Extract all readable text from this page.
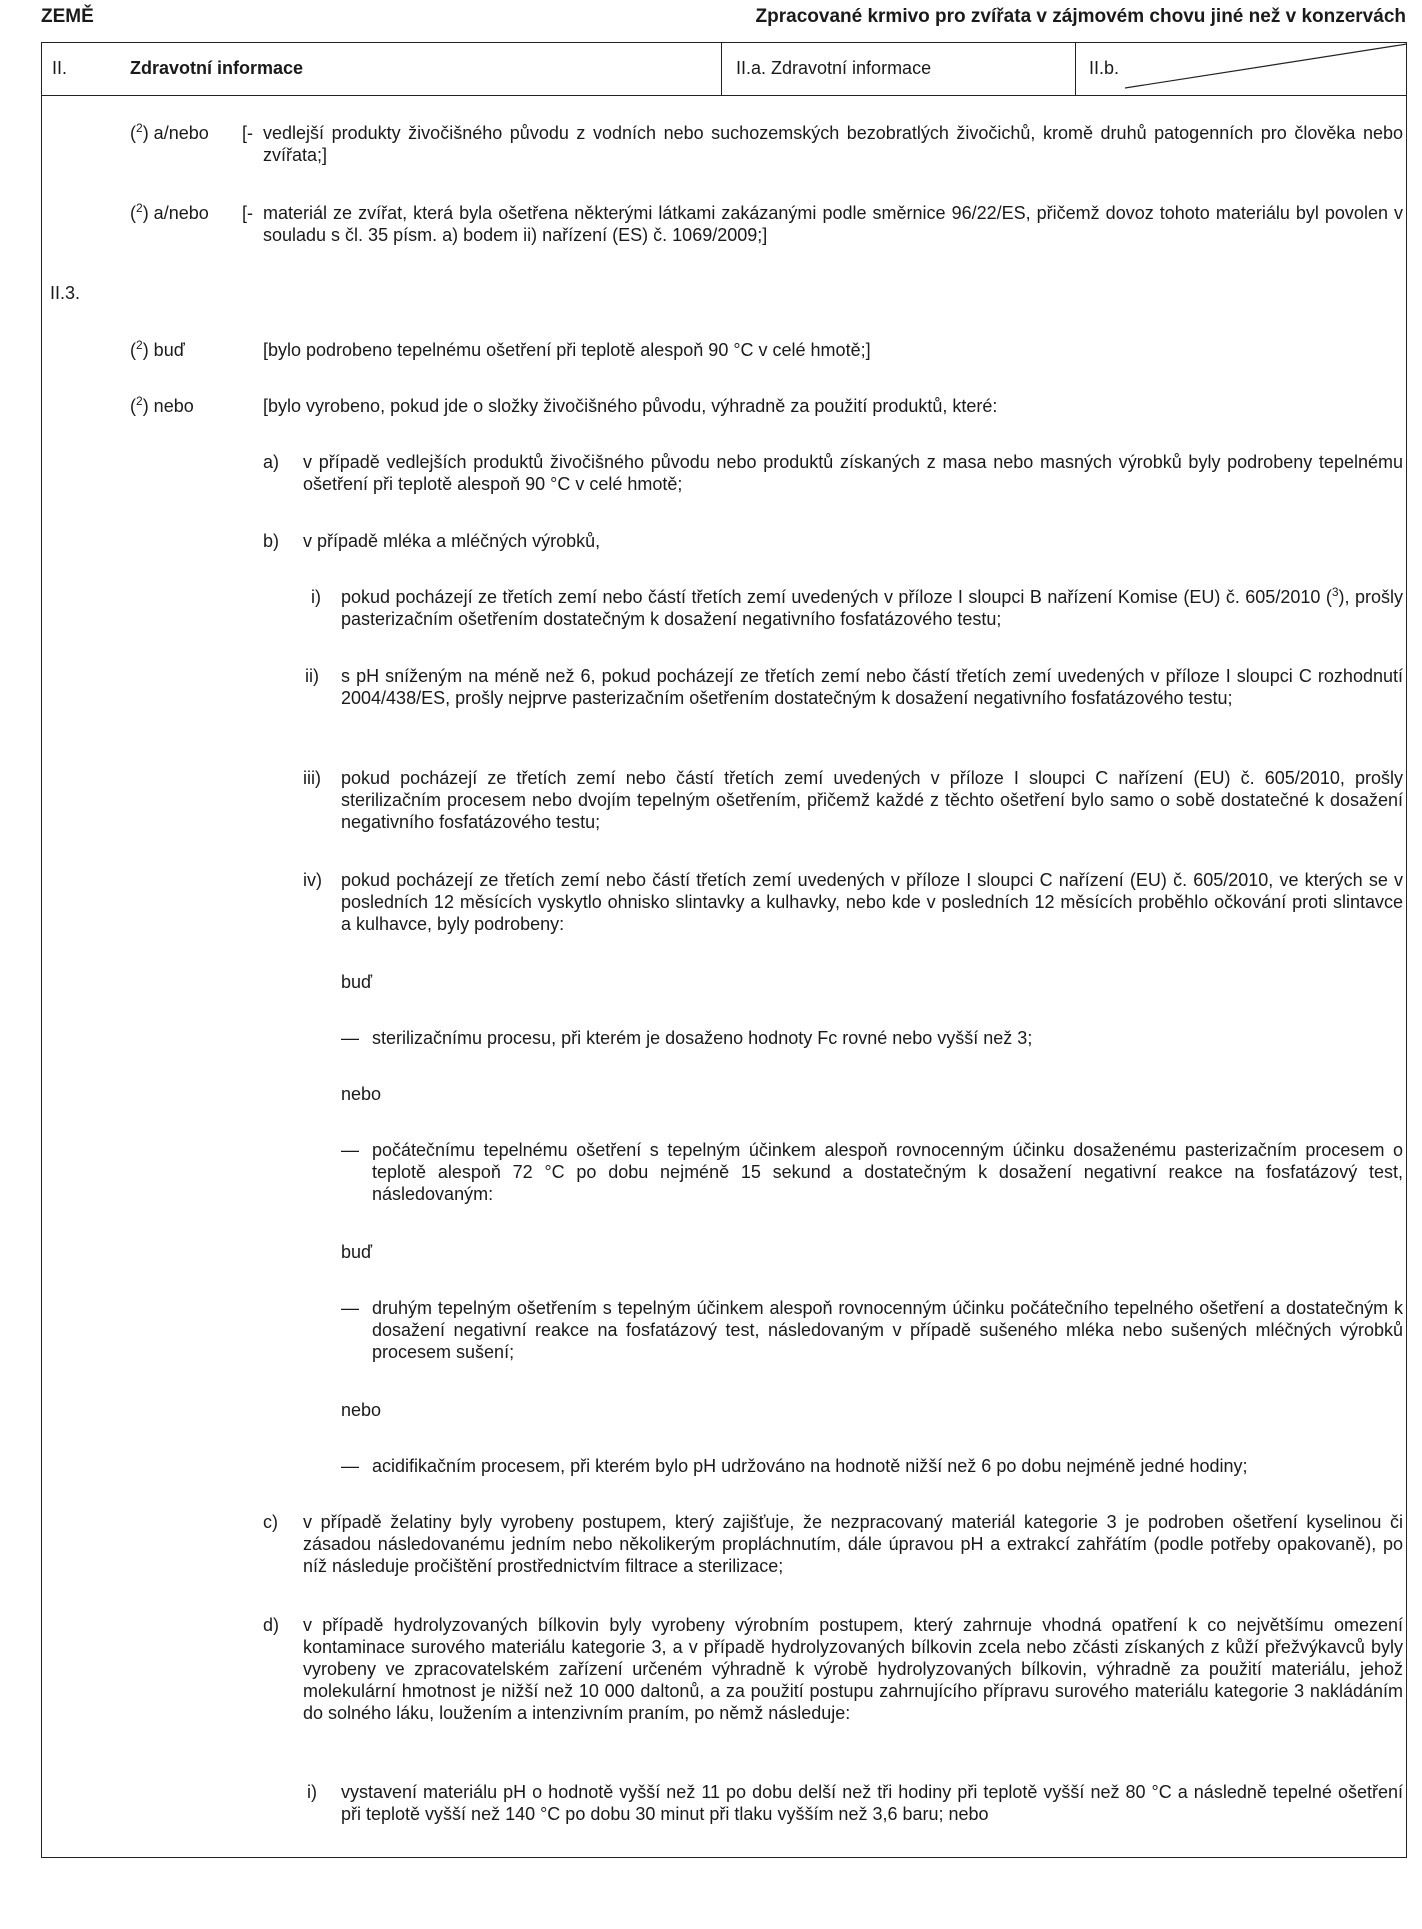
ZEMĚ	Zpracované krmivo pro zvířata v zájmovém chovu jiné než v konzervách
II.	Zdravotní informace	II.a. Zdravotní informace	II.b.
II.3.
($^2$) a/nebo [- vedlejší produkty živočišného původu z vodních nebo suchozemských bezobratlých živočichů, kromě druhů patogenních pro člověka nebo zvířata;]
($^2$) a/nebo [- materiál ze zvířat, která byla ošetřena některými látkami zakázanými podle směrnice 96/22/ES, přičemž dovoz tohoto materiálu byl povolen v souladu s čl. 35 písm. a) bodem ii) nařízení (ES) č. 1069/2009;]
($^2$) buď	[bylo podrobeno tepelnému ošetření při teplotě alespoň 90 °C v celé hmotě;]
($^2$) nebo	[bylo vyrobeno, pokud jde o složky živočišného původu, výhradně za použití produktů, které:
a) v případě vedlejších produktů živočišného původu nebo produktů získaných z masa nebo masných výrobků byly podrobeny tepelnému ošetření při teplotě alespoň 90 °C v celé hmotě;
b) v případě mléka a mléčných výrobků,
i) pokud pocházejí ze třetích zemí nebo částí třetích zemí uvedených v příloze I sloupci B nařízení Komise (EU) č. 605/2010 ($^3$), prošly pasterizačním ošetřením dostatečným k dosažení negativního fosfatázového testu;
ii) s pH sníženým na méně než 6, pokud pocházejí ze třetích zemí nebo částí třetích zemí uvedených v příloze I sloupci C rozhodnutí 2004/438/ES, prošly nejprve pasterizačním ošetřením dostatečným k dosažení negativního fosfatázového testu;
iii) pokud pocházejí ze třetích zemí nebo částí třetích zemí uvedených v příloze I sloupci C nařízení (EU) č. 605/2010, prošly sterilizačním procesem nebo dvojím tepelným ošetřením, přičemž každé z těchto ošetření bylo samo o sobě dostatečné k dosažení negativního fosfatázového testu;
iv) pokud pocházejí ze třetích zemí nebo částí třetích zemí uvedených v příloze I sloupci C nařízení (EU) č. 605/2010, ve kterých se v posledních 12 měsících vyskytlo ohnisko slintavky a kulhavky, nebo kde v posledních 12 měsících proběhlo očkování proti slintavce a kulhavce, byly podrobeny:
buď
— sterilizačnímu procesu, při kterém je dosaženo hodnoty Fc rovné nebo vyšší než 3;
nebo
— počátečnímu tepelnému ošetření s tepelným účinkem alespoň rovnocenným účinku dosaženému pasterizačním procesem o teplotě alespoň 72 °C po dobu nejméně 15 sekund a dostatečným k dosažení negativní reakce na fosfatázový test, následovaným:
buď
— druhým tepelným ošetřením s tepelným účinkem alespoň rovnocenným účinku počátečního tepelného ošetření a dostatečným k dosažení negativní reakce na fosfatázový test, následovaným v případě sušeného mléka nebo sušených mléčných výrobků procesem sušení;
nebo
— acidifikačním procesem, při kterém bylo pH udržováno na hodnotě nižší než 6 po dobu nejméně jedné hodiny;
c) v případě želatiny byly vyrobeny postupem, který zajišťuje, že nezpracovaný materiál kategorie 3 je podroben ošetření kyselinou či zásadou následovanému jedním nebo několikerým propláchnutím, dále úpravou pH a extrakcí zahřátím (podle potřeby opakovaně), po níž následuje pročištění prostřednictvím filtrace a sterilizace;
d) v případě hydrolyzovaných bílkovin byly vyrobeny výrobním postupem, který zahrnuje vhodná opatření k co největšímu omezení kontaminace surového materiálu kategorie 3, a v případě hydrolyzovaných bílkovin zcela nebo zčásti získaných z kůží přežvýkavců byly vyrobeny ve zpracovatelském zařízení určeném výhradně k výrobě hydrolyzovaných bílkovin, výhradně za použití materiálu, jehož molekulární hmotnost je nižší než 10 000 daltonů, a za použití postupu zahrnujícího přípravu surového materiálu kategorie 3 nakládáním do solného láku, loužením a intenzivním praním, po němž následuje:
i) vystavení materiálu pH o hodnotě vyšší než 11 po dobu delší než tři hodiny při teplotě vyšší než 80 °C a následně tepelné ošetření při teplotě vyšší než 140 °C po dobu 30 minut při tlaku vyšším než 3,6 baru; nebo
